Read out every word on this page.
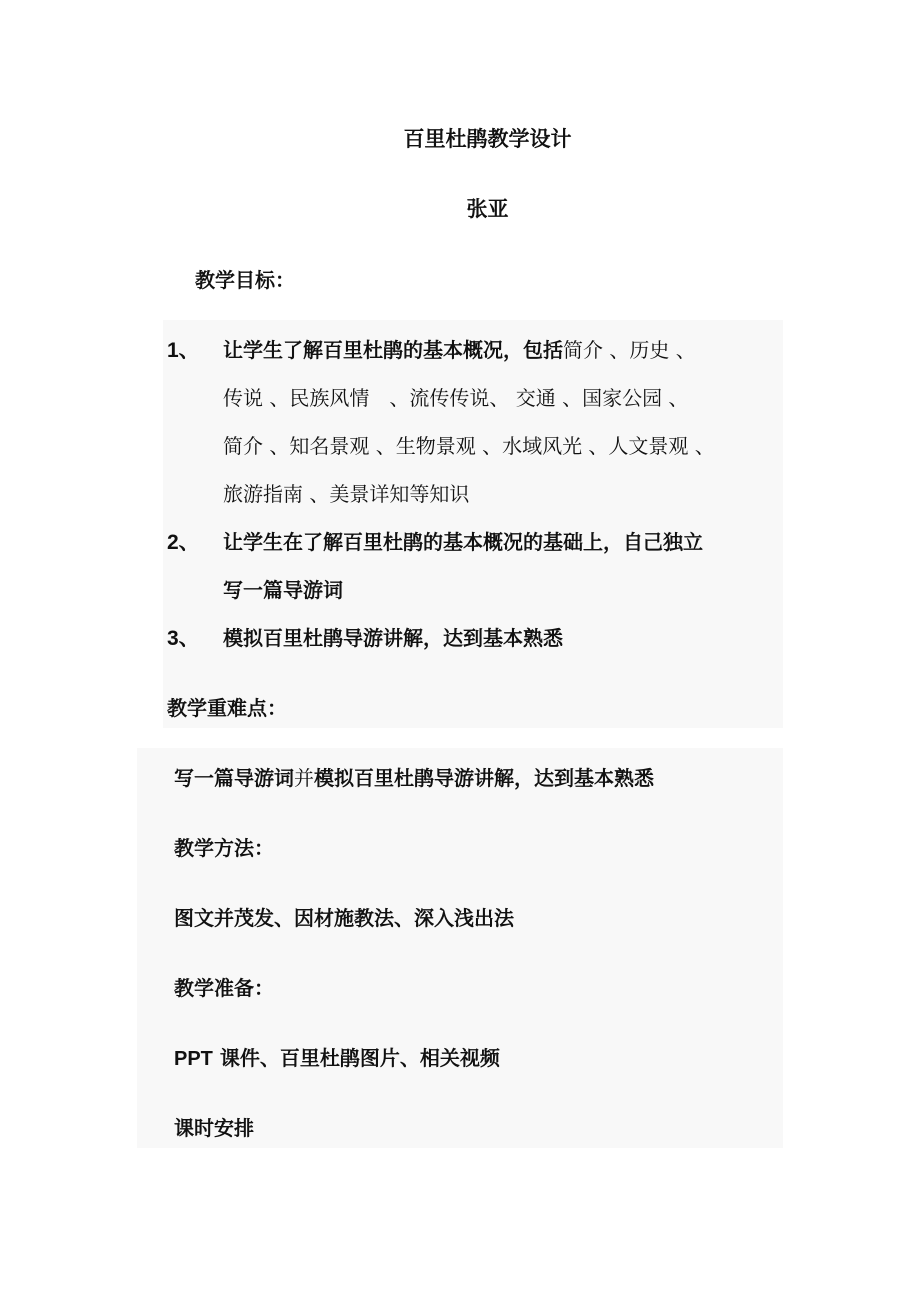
百里杜鹃教学设计
张亚
教学目标：
1、 让学生了解百里杜鹃的基本概况，包括简介 、历史 、
传说 、民族风情　、流传传说、 交通 、国家公园 、
简介 、知名景观 、生物景观 、水域风光 、人文景观 、
旅游指南 、美景详知等知识
2、 让学生在了解百里杜鹃的基本概况的基础上，自己独立
写一篇导游词
3、 模拟百里杜鹃导游讲解，达到基本熟悉
教学重难点：
写一篇导游词并模拟百里杜鹃导游讲解，达到基本熟悉
教学方法：
图文并茂发、因材施教法、深入浅出法
教学准备：
PPT 课件、百里杜鹃图片、相关视频
课时安排
